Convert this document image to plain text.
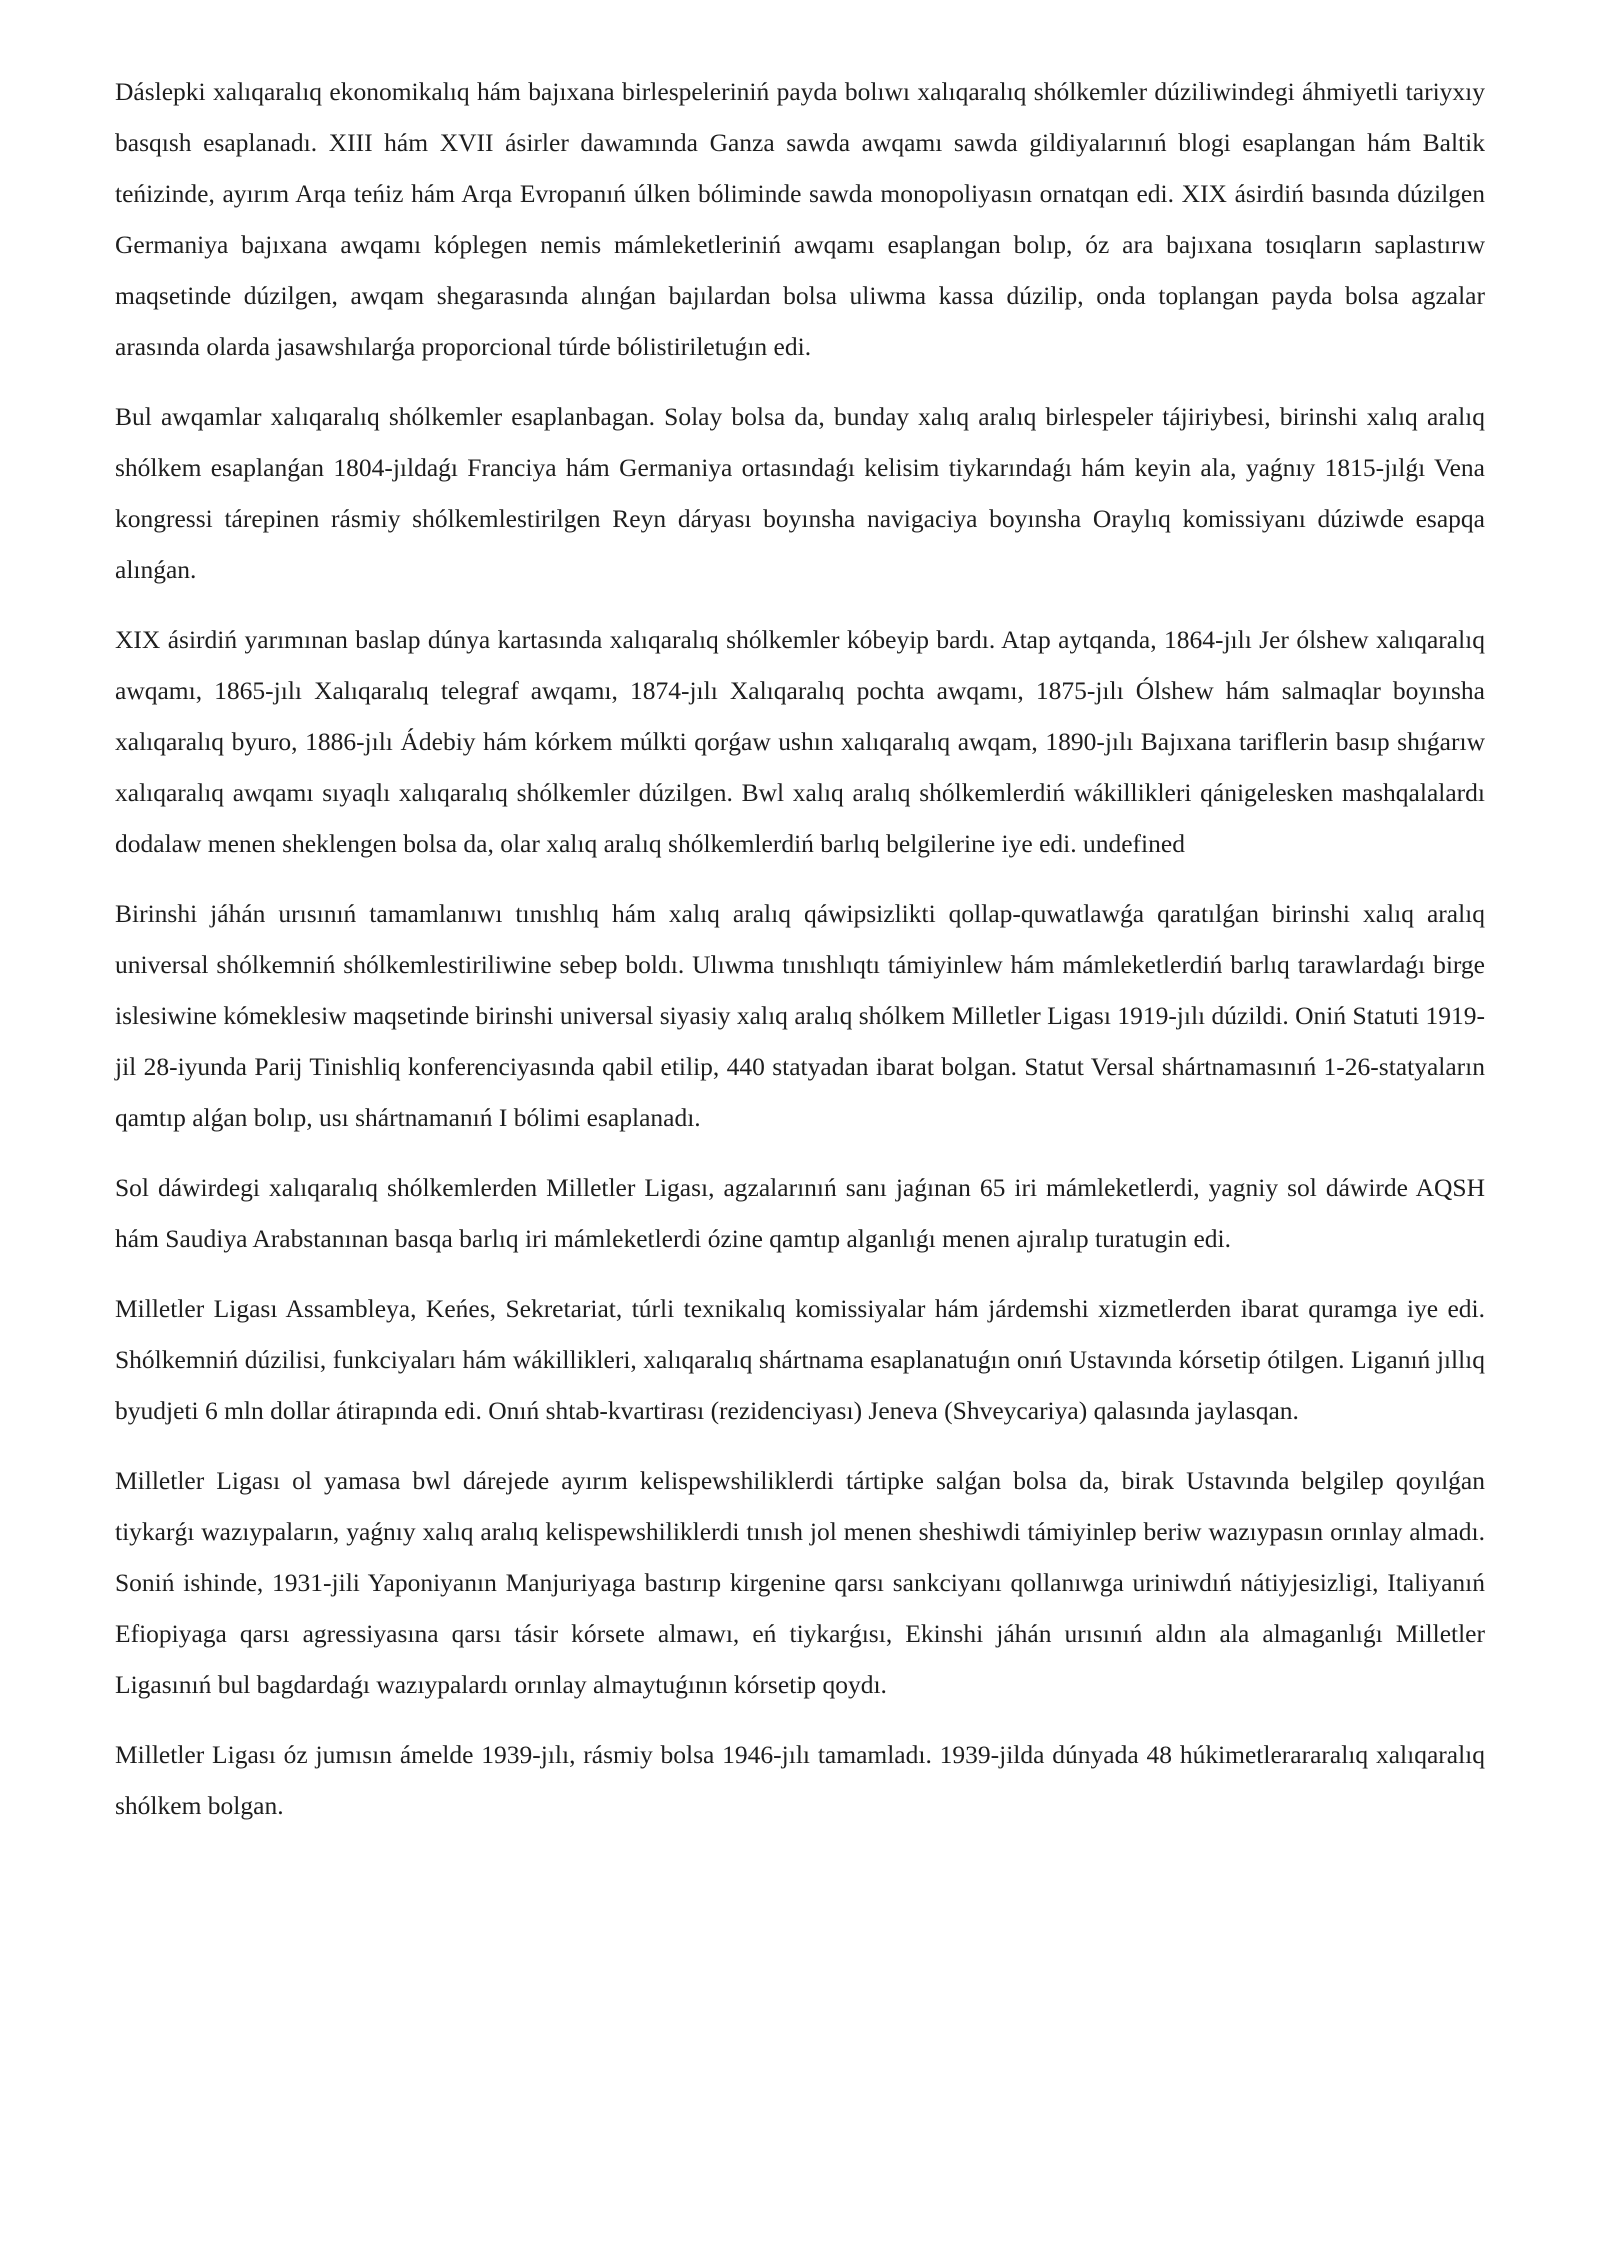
Dáslepki xalıqaralıq ekonomikalıq hám bajıxana birlespeleriniń payda bolıwı xalıqaralıq shólkemler dúziliwindegi áhmiyetli tariyxıy basqısh esaplanadı. XIII hám XVII ásirler dawamında Ganza sawda awqamı sawda gildiyalarınıń blogi esaplangan hám Baltik teńizinde, ayırım Arqa teńiz hám Arqa Evropanıń úlken bóliminde sawda monopoliyasın ornatqan edi. XIX ásirdiń basında dúzilgen Germaniya bajıxana awqamı kóplegen nemis mámleketleriniń awqamı esaplangan bolıp, óz ara bajıxana tosıqların saplastırıw maqsetinde dúzilgen, awqam shegarasında alınǵan bajılardan bolsa uliwma kassa dúzilip, onda toplangan payda bolsa agzalar arasında olarda jasawshılarǵa proporcional túrde bólistiriletuǵın edi.

Bul awqamlar xalıqaralıq shólkemler esaplanbagan. Solay bolsa da, bunday xalıq aralıq birlespeler tájiriybesi, birinshi xalıq aralıq shólkem esaplanǵan 1804-jıldaǵı Franciya hám Germaniya ortasındaǵı kelisim tiykarındaǵı hám keyin ala, yaǵnıy 1815-jılǵı Vena kongressi tárepinen rásmiy shólkemlestirilgen Reyn dáryası boyınsha navigaciya boyınsha Oraylıq komissiyanı dúziwde esapqa alınǵan.

XIX ásirdiń yarımınan baslap dúnya kartasında xalıqaralıq shólkemler kóbeyip bardı. Atap aytqanda, 1864-jılı Jer ólshew xalıqaralıq awqamı, 1865-jılı Xalıqaralıq telegraf awqamı, 1874-jılı Xalıqaralıq pochta awqamı, 1875-jılı Ólshew hám salmaqlar boyınsha xalıqaralıq byuro, 1886-jılı Ádebiy hám kórkem múlkti qorǵaw ushın xalıqaralıq awqam, 1890-jılı Bajıxana tariflerin basıp shıǵarıw xalıqaralıq awqamı sıyaqlı xalıqaralıq shólkemler dúzilgen. Bwl xalıq aralıq shólkemlerdiń wákillikleri qánigelesken mashqalalardı dodalaw menen sheklengen bolsa da, olar xalıq aralıq shólkemlerdiń barlıq belgilerine iye edi. undefined

Birinshi jáhán urısınıń tamamlanıwı tınıshlıq hám xalıq aralıq qáwipsizlikti qollap-quwatlawǵa qaratılǵan birinshi xalıq aralıq universal shólkemniń shólkemlestiriliwine sebep boldı. Ulıwma tınıshlıqtı támiyinlew hám mámleketlerdiń barlıq tarawlardaǵı birge islesiwine kómeklesiw maqsetinde birinshi universal siyasiy xalıq aralıq shólkem Milletler Ligası 1919-jılı dúzildi. Oniń Statuti 1919-jil 28-iyunda Parij Tinishliq konferenciyasında qabil etilip, 440 statyadan ibarat bolgan. Statut Versal shártnamasınıń 1-26-statyaların qamtıp alǵan bolıp, usı shártnamanıń I bólimi esaplanadı.

Sol dáwirdegi xalıqaralıq shólkemlerden Milletler Ligası, agzalarınıń sanı jaǵınan 65 iri mámleketlerdi, yagniy sol dáwirde AQSH hám Saudiya Arabstanınan basqa barlıq iri mámleketlerdi ózine qamtıp alganlıǵı menen ajıralıp turatugin edi.

Milletler Ligası Assambleya, Keńes, Sekretariat, túrli texnikalıq komissiyalar hám járdemshi xizmetlerden ibarat quramga iye edi. Shólkemniń dúzilisi, funkciyaları hám wákillikleri, xalıqaralıq shártnama esaplanatuǵın onıń Ustavında kórsetip ótilgen. Liganıń jıllıq byudjeti 6 mln dollar átirapında edi. Onıń shtab-kvartirası (rezidenciyası) Jeneva (Shveycariya) qalasında jaylasqan.

Milletler Ligası ol yamasa bwl dárejede ayırım kelispewshiliklerdi tártipke salǵan bolsa da, birak Ustavında belgilep qoyılǵan tiykarǵı wazıypaların, yaǵnıy xalıq aralıq kelispewshiliklerdi tınısh jol menen sheshiwdi támiyinlep beriw wazıypasın orınlay almadı. Soniń ishinde, 1931-jili Yaponiyanın Manjuriyaga bastırıp kirgenine qarsı sankciyanı qollanıwga uriniwdıń nátiyjesizligi, Italiyanıń Efiopiyaga qarsı agressiyasına qarsı tásir kórsete almawı, eń tiykarǵısı, Ekinshi jáhán urısınıń aldın ala almaganlıǵı Milletler Ligasınıń bul bagdardaǵı wazıypalardı orınlay almaytuǵının kórsetip qoydı.

Milletler Ligası óz jumısın ámelde 1939-jılı, rásmiy bolsa 1946-jılı tamamladı. 1939-jilda dúnyada 48 húkimetlerararalıq xalıqaralıq shólkem bolgan.
